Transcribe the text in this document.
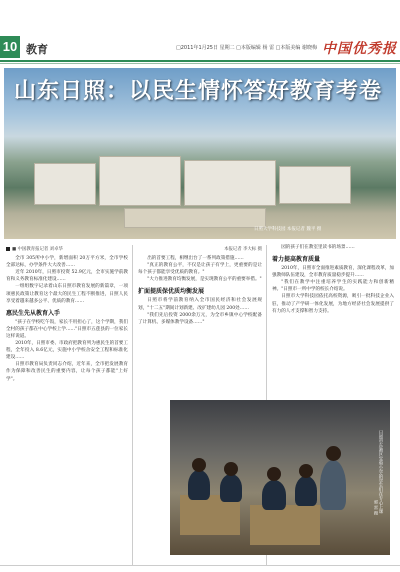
10 教育	□2011年1月25日 星期二 □本版编辑 杨 雷 □本版美编 谢晓梅 中国优秀报
山东日照：以民生情怀答好教育考卷
日照大学科技园 本报记者 魏平 摄

■ 中国教育报记者 刘卓华

全市 305所中小学，新增面积 20万平方米，全市学校全部达标，办学条件大大改善……

近年 2010年，日照市投资 52.9亿元，全市实施学前教育和义务教育标准化建设……

一组组数字记录着山东日照市教育发展的新篇章，一项项惠民政策让教育这个最大的民生工程不断推进，日照人民享受着越来越多公平、优质的教育……

惠民生先从教育入手

"孩子在学校吃午饭，家长不用担心了，这个学期，我们全村的孩子都在中心学校上学……"日照市五莲县的一位家长这样说道。

2010年，日照市委、市政府把教育列为惠民生的首要工程，全年投入 8.6亿元，实施中小学校舍安全工程和标准化建设……

日照市教育局负责同志介绍，近年来，全市把发展教育作为保障和改善民生的重要内容，让每个孩子都能"上好学"。

本报记者 李大标 摄

出的首要工程，相继出台了一系列政策措施……

"真正的教育公平，不仅是让孩子有学上，更重要的是让每个孩子都能享受优质的教育。"

"大力推进教育均衡发展，是实现教育公平的重要举措。"

扩面提质保优质均衡发展

日照市将学前教育纳入全市国民经济和社会发展规划，"十二五"期间计划新建、改扩建幼儿园 200处……

"我们先后投资 2000余万元，为全市乡镇中心学校配备了计算机、多媒体教学设备……"

园的孩子们在教室里读书的场景……

着力提高教育质量

2010年，日照市全面推进素质教育，深化课程改革，加强教师队伍建设，全市教育质量稳步提升……

"我们在教学中注重培养学生的实践能力和创新精神。"日照市一所中学的校长介绍说。

日照市大学科技园依托高校资源，吸引一批科技企业入驻，推动了产学研一体化发展，为地方经济社会发展提供了有力的人才支撑和智力支持。

日照市东港区实验小学的学生们在专心上课
郭 雷 摄
